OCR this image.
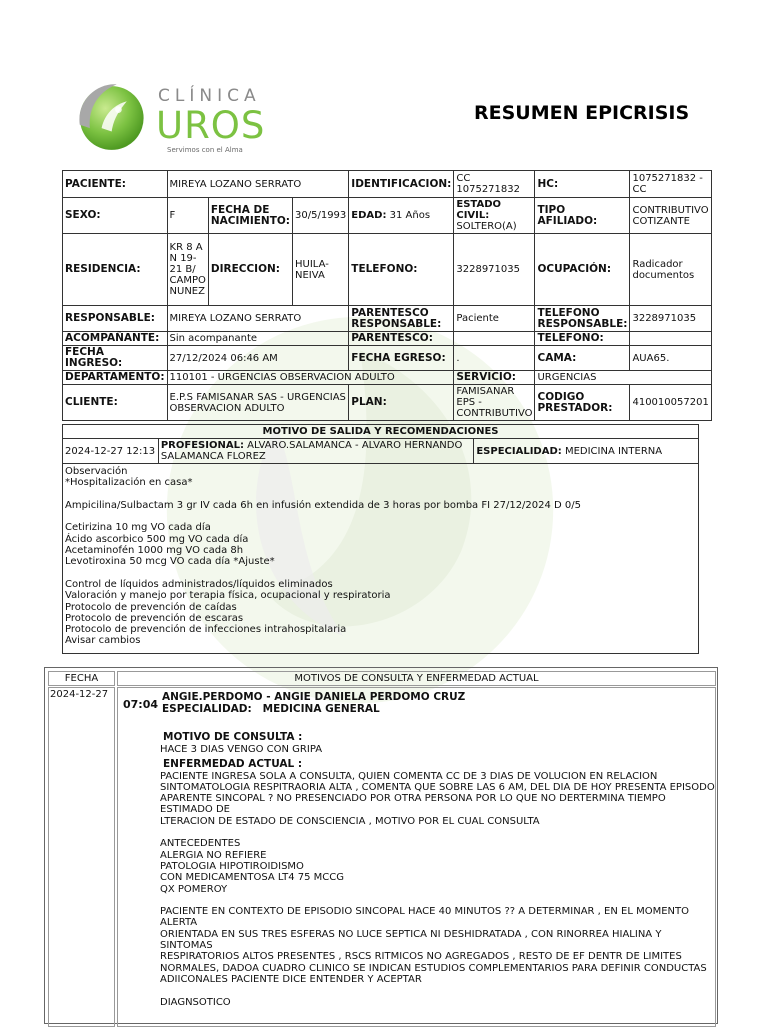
CLÍNICA
UROS
Servimos con el Alma
RESUMEN EPICRISIS
PACIENTE:	MIREYA LOZANO SERRATO			IDENTIFICACION:	CC 1075271832	HC:	1075271832 - CC
SEXO:	F	FECHA DE NACIMIENTO:	30/5/1993	EDAD: 31 Años	ESTADO CIVIL: SOLTERO(A)	TIPO AFILIADO:	CONTRIBUTIVO COTIZANTE
RESIDENCIA:	KR 8 A N 19-21 B/ CAMPO NUNEZ	DIRECCION:	HUILA-NEIVA	TELEFONO:	3228971035	OCUPACIÓN:	Radicador documentos
RESPONSABLE:	MIREYA LOZANO SERRATO			PARENTESCO RESPONSABLE:	Paciente	TELEFONO RESPONSABLE:	3228971035
ACOMPAÑANTE:	Sin acompanante			PARENTESCO:		TELEFONO:	
FECHA INGRESO:	27/12/2024 06:46 AM			FECHA EGRESO:	.	CAMA:	AUA65.
DEPARTAMENTO:	110101 - URGENCIAS OBSERVACION ADULTO				SERVICIO:	URGENCIAS	
CLIENTE:	E.P.S FAMISANAR SAS - URGENCIAS OBSERVACION ADULTO			PLAN:	FAMISANAR EPS - CONTRIBUTIVO	CODIGO PRESTADOR:	410010057201
MOTIVO DE SALIDA Y RECOMENDACIONES
2024-12-27 12:13	PROFESIONAL: ALVARO.SALAMANCA - ALVARO HERNANDO SALAMANCA FLOREZ	ESPECIALIDAD: MEDICINA INTERNA
Observación
*Hospitalización en casa*

Ampicilina/Sulbactam 3 gr IV cada 6h en infusión extendida de 3 horas por bomba FI 27/12/2024 D 0/5

Cetirizina 10 mg VO cada día
Ácido ascorbico 500 mg VO cada día
Acetaminofén 1000 mg VO cada 8h
Levotiroxina 50 mcg VO cada día *Ajuste*

Control de líquidos administrados/líquidos eliminados
Valoración y manejo por terapia física, ocupacional y respiratoria
Protocolo de prevención de caídas
Protocolo de prevención de escaras
Protocolo de prevención de infecciones intrahospitalaria
Avisar cambios
FECHA	MOTIVOS DE CONSULTA Y ENFERMEDAD ACTUAL
2024-12-27
07:04
ANGIE.PERDOMO - ANGIE DANIELA PERDOMO CRUZ
ESPECIALIDAD: MEDICINA GENERAL

MOTIVO DE CONSULTA :

HACE 3 DIAS VENGO CON GRIPA

ENFERMEDAD ACTUAL :

PACIENTE INGRESA SOLA A CONSULTA, QUIEN COMENTA CC DE 3 DIAS DE VOLUCION EN RELACION
SINTOMATOLOGIA RESPITRAORIA ALTA , COMENTA QUE SOBRE LAS 6 AM, DEL DIA DE HOY PRESENTA EPISODO
APARENTE SINCOPAL ? NO PRESENCIADO POR OTRA PERSONA POR LO QUE NO DERTERMINA TIEMPO ESTIMADO DE
LTERACION DE ESTADO DE CONSCIENCIA , MOTIVO POR EL CUAL CONSULTA

ANTECEDENTES
ALERGIA NO REFIERE
PATOLOGIA HIPOTIROIDISMO
CON MEDICAMENTOSA LT4 75 MCCG
QX POMEROY

PACIENTE EN CONTEXTO DE EPISODIO SINCOPAL HACE 40 MINUTOS ?? A DETERMINAR , EN EL MOMENTO ALERTA
ORIENTADA EN SUS TRES ESFERAS NO LUCE SEPTICA NI DESHIDRATADA , CON RINORREA HIALINA Y SINTOMAS
RESPIRATORIOS ALTOS PRESENTES , RSCS RITMICOS NO AGREGADOS , RESTO DE EF DENTR DE LIMITES
NORMALES, DADOA CUADRO CLINICO SE INDICAN ESTUDIOS COMPLEMENTARIOS PARA DEFINIR CONDUCTAS
ADIICONALES PACIENTE DICE ENTENDER Y ACEPTAR

DIAGNSOTICO
